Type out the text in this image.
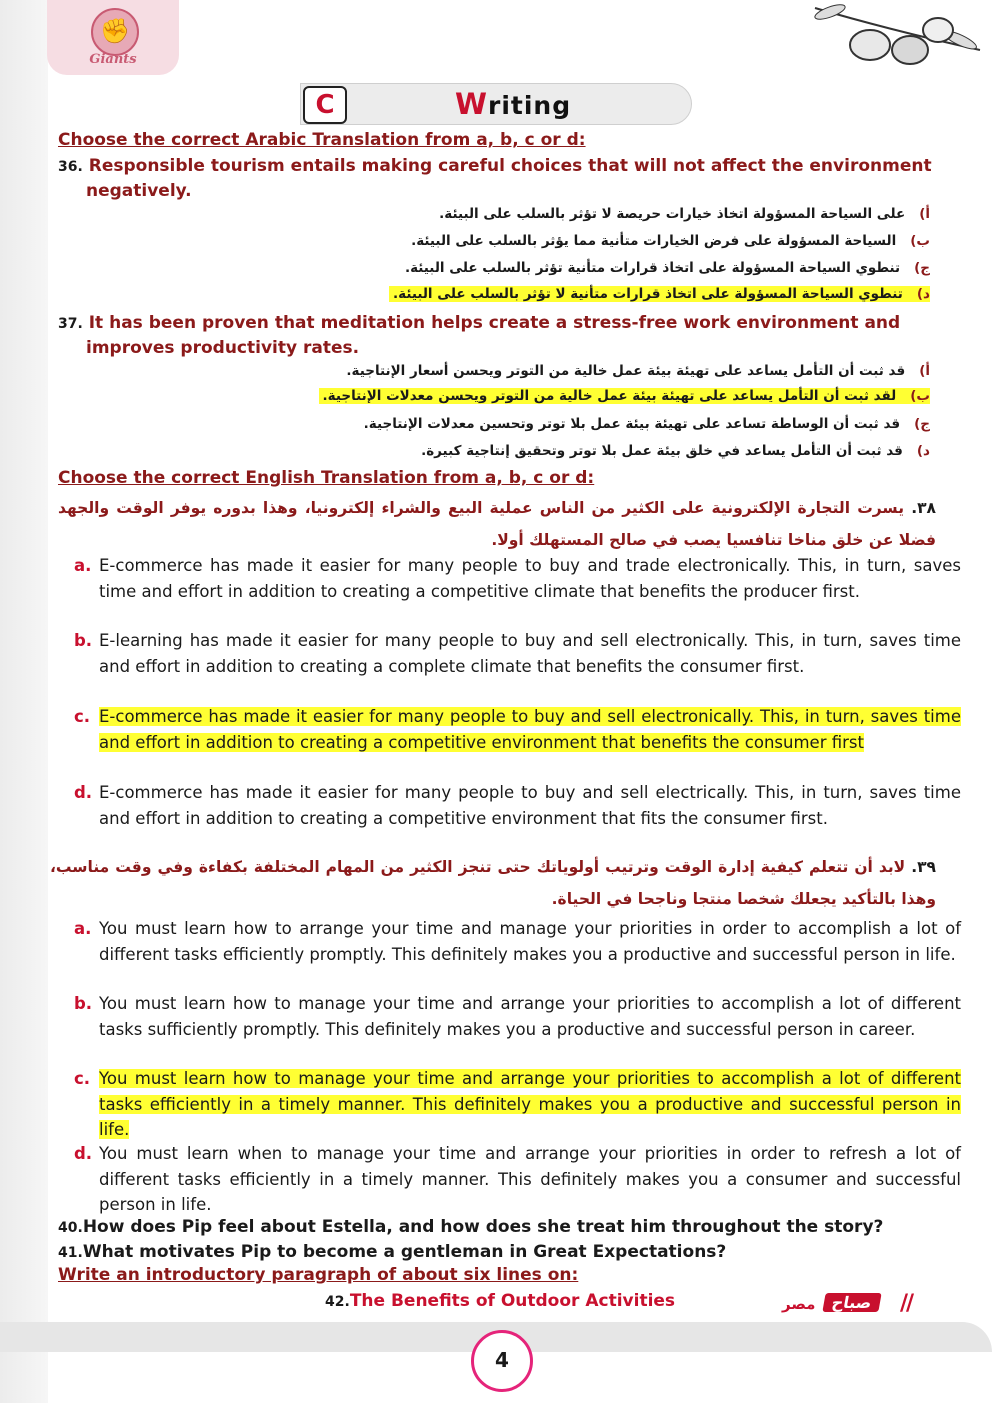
✊
Giants
C	Writing
Choose the correct Arabic Translation from a, b, c or d:
36. Responsible tourism entails making careful choices that will not affect the environment negatively.
أ)على السياحة المسؤولة اتخاذ خيارات حريصة لا تؤثر بالسلب على البيئة.
ب)السياحة المسؤولة على فرض الخيارات متأنية مما يؤثر بالسلب على البيئة.
ج)تنطوي السياحة المسؤولة على اتخاذ قرارات متأنية تؤثر بالسلب على البيئة.
د)تنطوي السياحة المسؤولة على اتخاذ قرارات متأنية لا تؤثر بالسلب على البيئة.
37. It has been proven that meditation helps create a stress-free work environment and improves productivity rates.
أ)قد ثبت أن التأمل يساعد على تهيئة بيئة عمل خالية من التوتر ويحسن أسعار الإنتاجية.
ب)لقد ثبت أن التأمل يساعد على تهيئة بيئة عمل خالية من التوتر ويحسن معدلات الإنتاجية.
ج)قد ثبت أن الوساطة تساعد على تهيئة بيئة عمل بلا توتر وتحسين معدلات الإنتاجية.
د)قد ثبت أن التأمل يساعد في خلق بيئة عمل بلا توتر وتحقيق إنتاجية كبيرة.
Choose the correct English Translation from a, b, c or d:
٣٨. يسرت التجارة الإلكترونية على الكثير من الناس عملية البيع والشراء إلكترونيا، وهذا بدوره يوفر الوقت والجهد فضلا عن خلق مناخا تنافسيا يصب في صالح المستهلك أولا.
a. E-commerce has made it easier for many people to buy and trade electronically. This, in turn, saves time and effort in addition to creating a competitive climate that benefits the producer first.
b. E-learning has made it easier for many people to buy and sell electronically. This, in turn, saves time and effort in addition to creating a complete climate that benefits the consumer first.
c. E-commerce has made it easier for many people to buy and sell electronically. This, in turn, saves time and effort in addition to creating a competitive environment that benefits the consumer first
d. E-commerce has made it easier for many people to buy and sell electrically. This, in turn, saves time and effort in addition to creating a competitive environment that fits the consumer first.
٣٩. لابد أن تتعلم كيفية إدارة الوقت وترتيب أولوياتك حتى تنجز الكثير من المهام المختلفة بكفاءة وفي وقت مناسب، وهذا بالتأكيد يجعلك شخصا منتجا وناجحا في الحياة.
a. You must learn how to arrange your time and manage your priorities in order to accomplish a lot of different tasks efficiently promptly. This definitely makes you a productive and successful person in life.
b. You must learn how to manage your time and arrange your priorities to accomplish a lot of different tasks sufficiently promptly. This definitely makes you a productive and successful person in career.
c. You must learn how to manage your time and arrange your priorities to accomplish a lot of different tasks efficiently in a timely manner. This definitely makes you a productive and successful person in life.
d. You must learn when to manage your time and arrange your priorities in order to refresh a lot of different tasks efficiently in a timely manner. This definitely makes you a consumer and successful person in life.
40.How does Pip feel about Estella, and how does she treat him throughout the story?
41.What motivates Pip to become a gentleman in Great Expectations?
Write an introductory paragraph of about six lines on:
42.The Benefits of Outdoor Activities	مصر صباح	//
4
